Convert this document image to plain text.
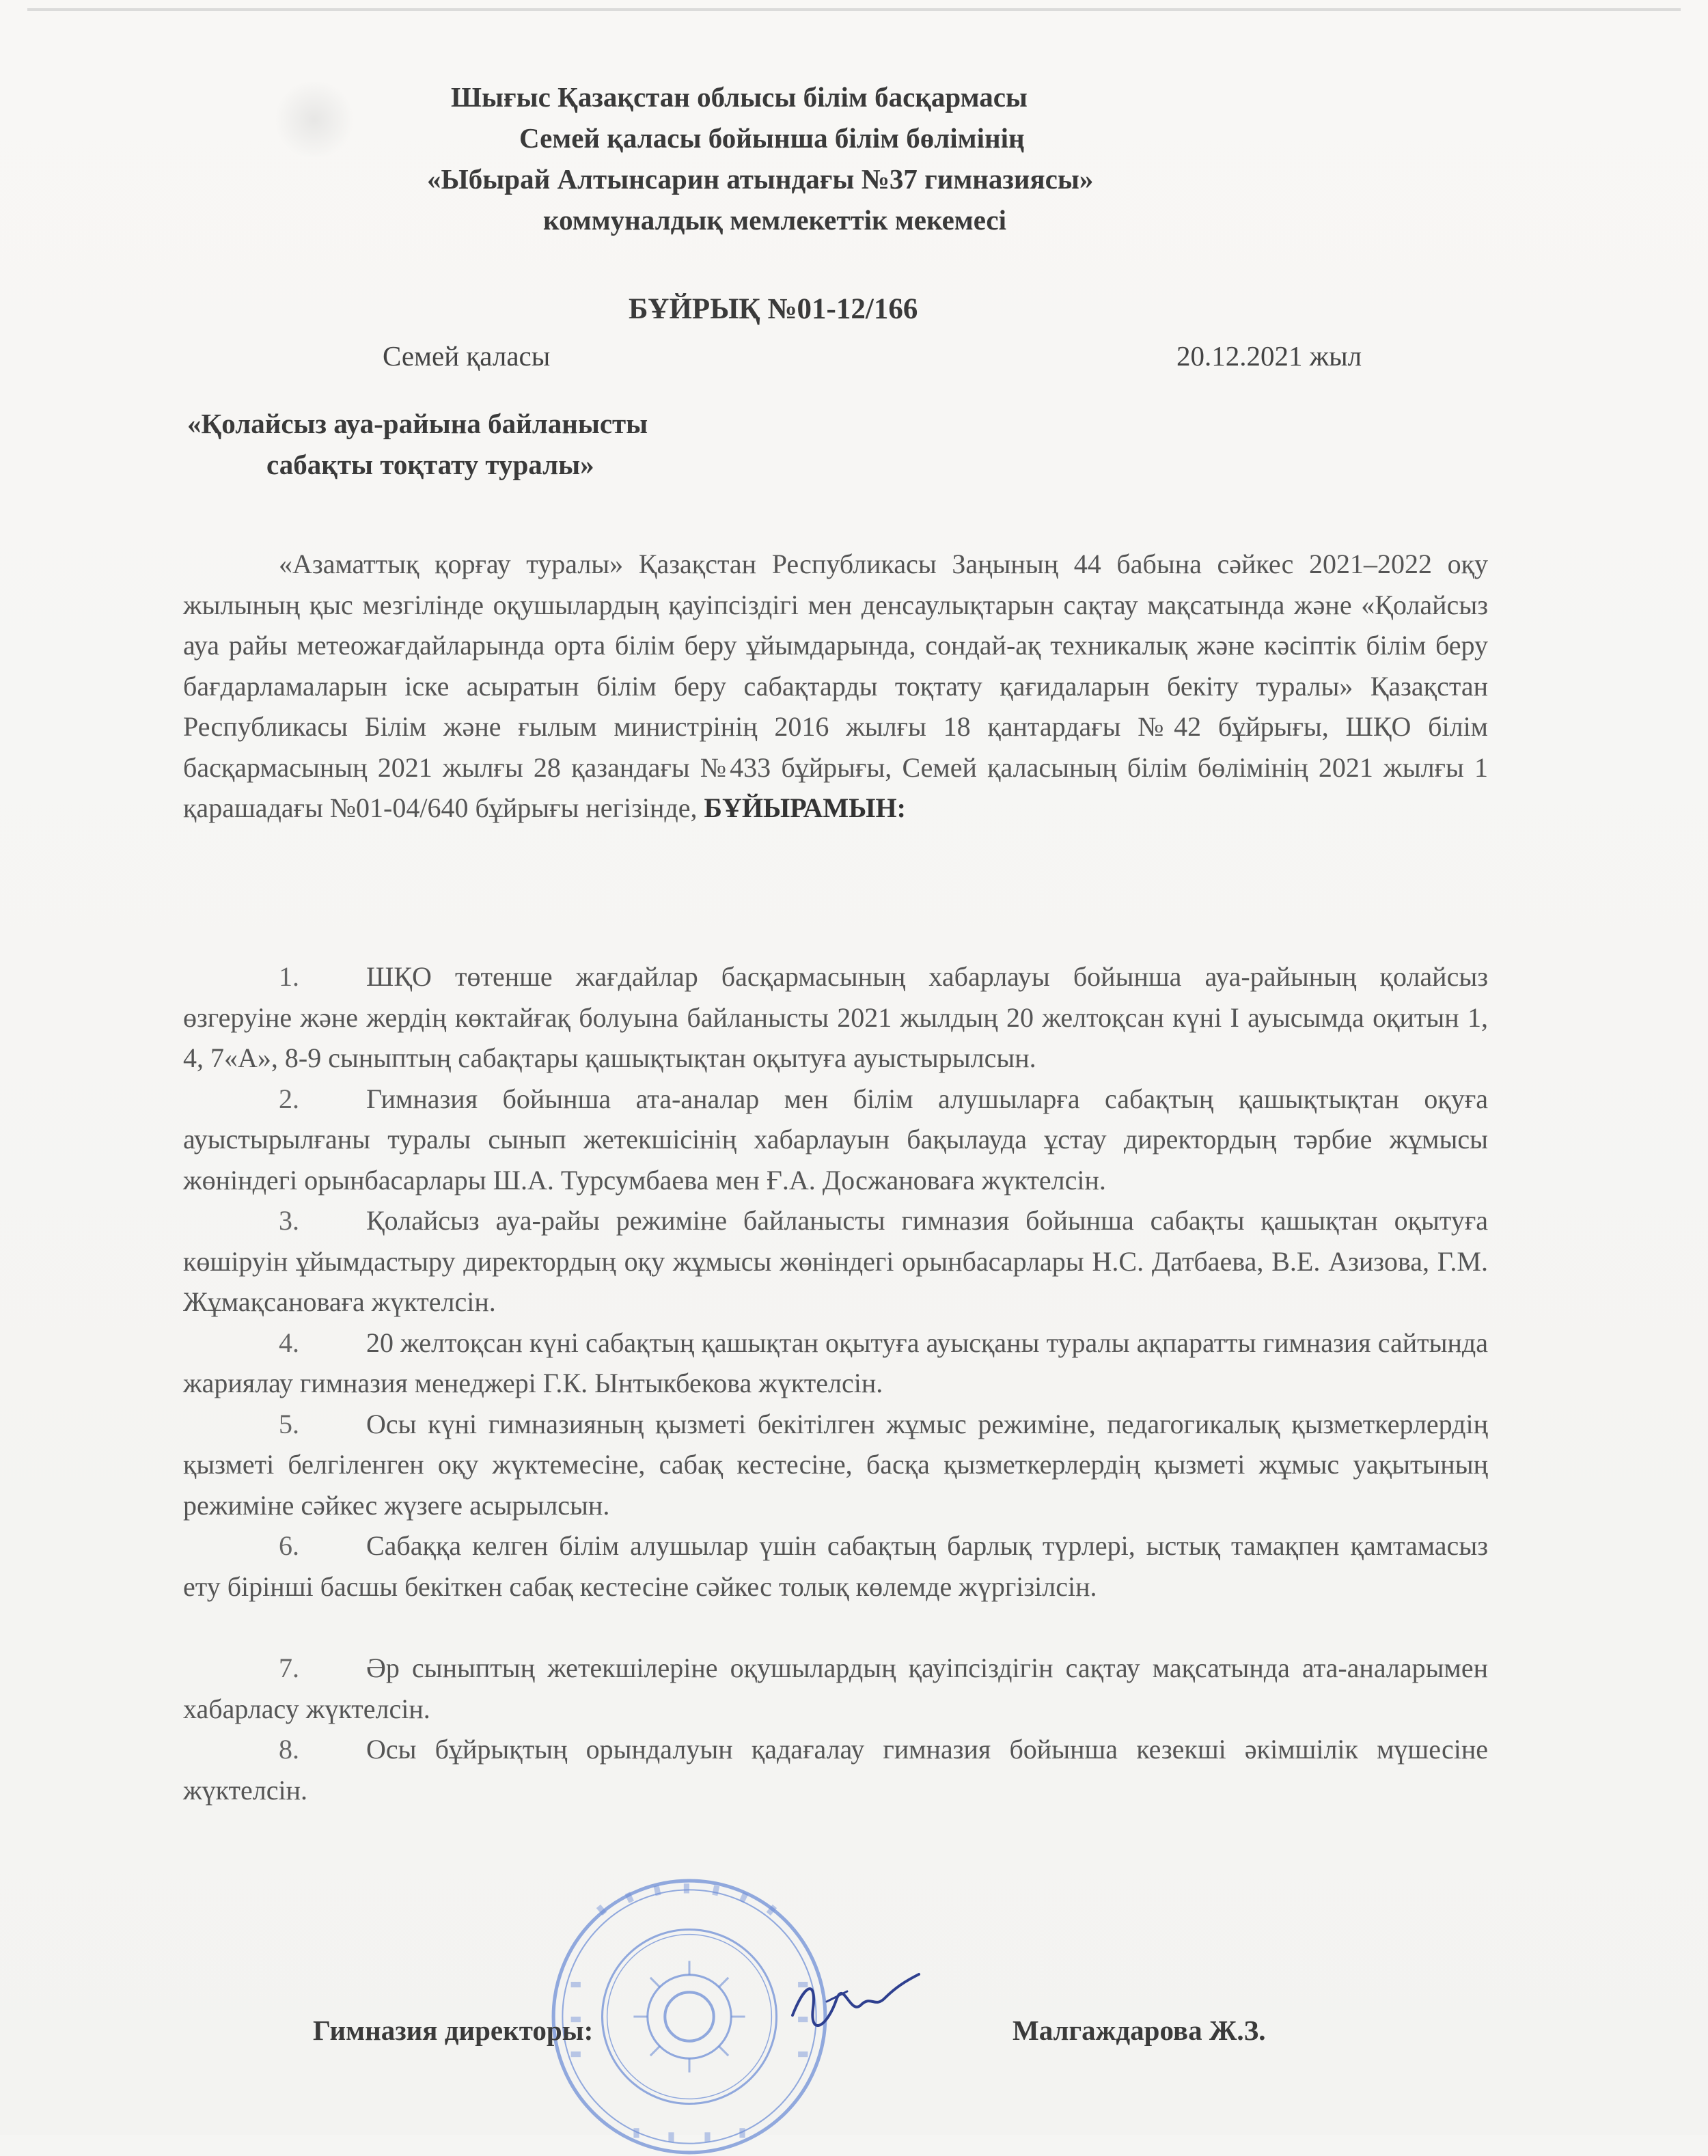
Шығыс Қазақстан облысы білім басқармасы
Семей қаласы бойынша білім бөлімінің
«Ыбырай Алтынсарин атындағы №37 гимназиясы»
коммуналдық мемлекеттік мекемесі
БҰЙРЫҚ №01-12/166
Семей қаласы	20.12.2021 жыл
«Қолайсыз ауа-райына байланысты
сабақты тоқтату туралы»
«Азаматтық қорғау туралы» Қазақстан Республикасы Заңының 44 бабына сәйкес 2021–2022 оқу жылының қыс мезгілінде оқушылардың қауіпсіздігі мен денсаулықтарын сақтау мақсатында және «Қолайсыз ауа райы метеожағдайларында орта білім беру ұйымдарында, сондай-ақ техникалық және кәсіптік білім беру бағдарламаларын іске асыратын білім беру сабақтарды тоқтату қағидаларын бекіту туралы» Қазақстан Республикасы Білім және ғылым министрінің 2016 жылғы 18 қантардағы №42 бұйрығы, ШҚО білім басқармасының 2021 жылғы 28 қазандағы №433 бұйрығы, Семей қаласының білім бөлімінің 2021 жылғы 1 қарашадағы №01-04/640 бұйрығы негізінде, БҰЙЫРАМЫН:

1. ШҚО төтенше жағдайлар басқармасының хабарлауы бойынша ауа-райының қолайсыз өзгеруіне және жердің көктайғақ болуына байланысты 2021 жылдың 20 желтоқсан күні I ауысымда оқитын 1, 4, 7«А», 8-9 сыныптың сабақтары қашықтықтан оқытуға ауыстырылсын.

2. Гимназия бойынша ата-аналар мен білім алушыларға сабақтың қашықтықтан оқуға ауыстырылғаны туралы сынып жетекшісінің хабарлауын бақылауда ұстау директордың тәрбие жұмысы жөніндегі орынбасарлары Ш.А. Турсумбаева мен Ғ.А. Досжановаға жүктелсін.

3. Қолайсыз ауа-райы режиміне байланысты гимназия бойынша сабақты қашықтан оқытуға көшіруін ұйымдастыру директордың оқу жұмысы жөніндегі орынбасарлары Н.С. Датбаева, В.Е. Азизова, Г.М. Жұмақсановаға жүктелсін.

4. 20 желтоқсан күні сабақтың қашықтан оқытуға ауысқаны туралы ақпаратты гимназия сайтында жариялау гимназия менеджері Г.К. Ынтыкбекова жүктелсін.

5. Осы күні гимназияның қызметі бекітілген жұмыс режиміне, педагогикалық қызметкерлердің қызметі белгіленген оқу жүктемесіне, сабақ кестесіне, басқа қызметкерлердің қызметі жұмыс уақытының режиміне сәйкес жүзеге асырылсын.

6. Сабаққа келген білім алушылар үшін сабақтың барлық түрлері, ыстық тамақпен қамтамасыз ету бірінші басшы бекіткен сабақ кестесіне сәйкес толық көлемде жүргізілсін.

7. Әр сыныптың жетекшілеріне оқушылардың қауіпсіздігін сақтау мақсатында ата-аналарымен хабарласу жүктелсін.

8. Осы бұйрықтың орындалуын қадағалау гимназия бойынша кезекші әкімшілік мүшесіне жүктелсін.

Гимназия директоры:	Малгаждарова Ж.З.
